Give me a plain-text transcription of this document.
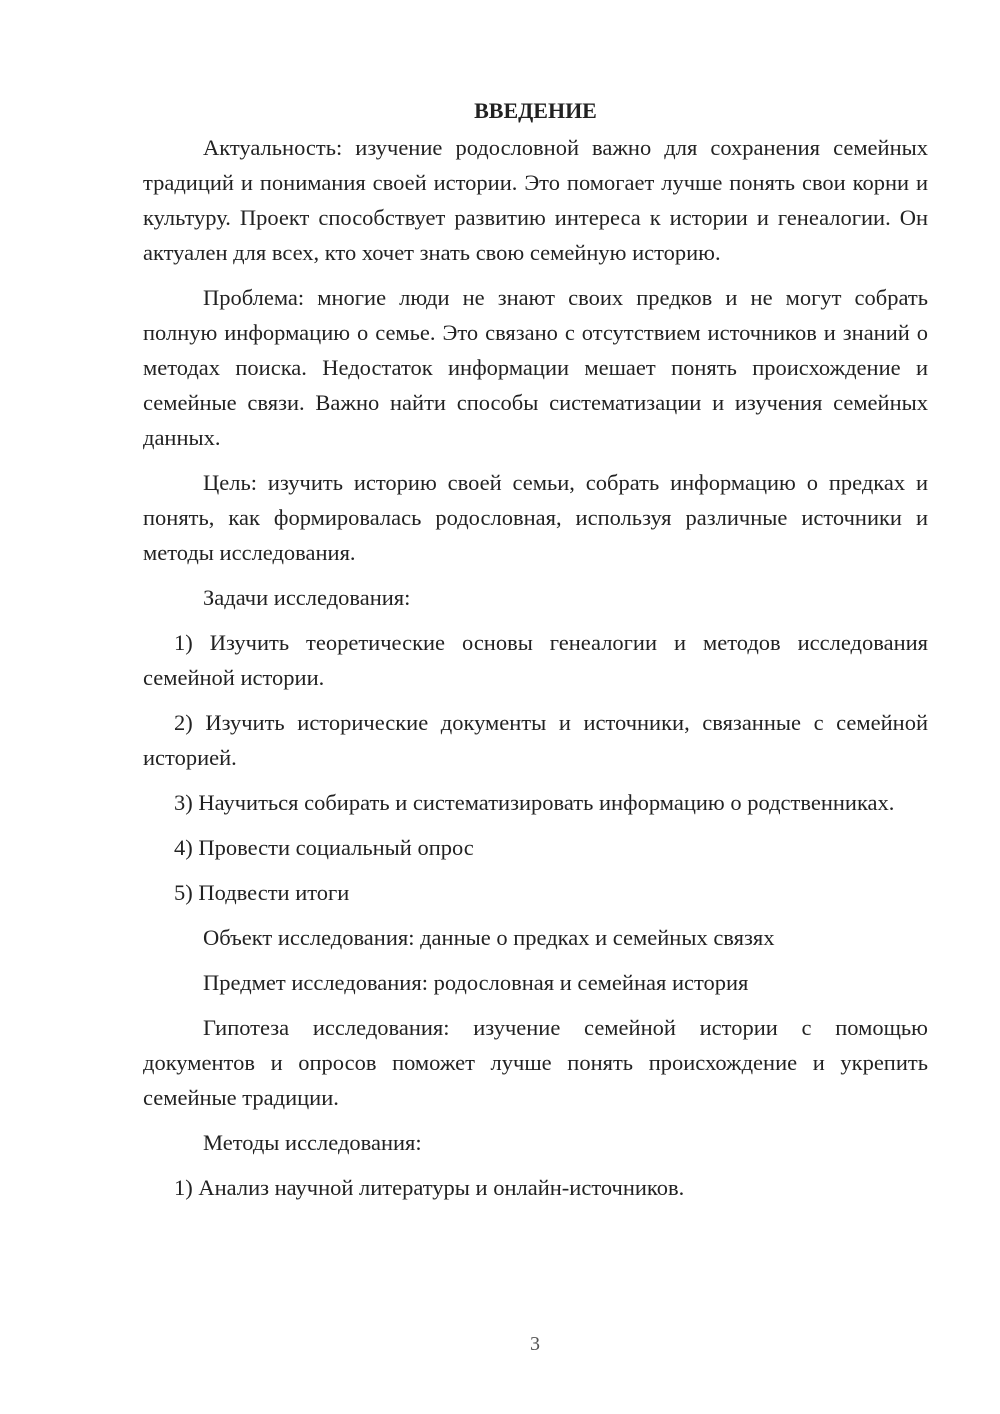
ВВЕДЕНИЕ

Актуальность: изучение родословной важно для сохранения семейных традиций и понимания своей истории. Это помогает лучше понять свои корни и культуру. Проект способствует развитию интереса к истории и генеалогии. Он актуален для всех, кто хочет знать свою семейную историю.

Проблема: многие люди не знают своих предков и не могут собрать полную информацию о семье. Это связано с отсутствием источников и знаний о методах поиска. Недостаток информации мешает понять происхождение и семейные связи. Важно найти способы систематизации и изучения семейных данных.

Цель: изучить историю своей семьи, собрать информацию о предках и понять, как формировалась родословная, используя различные источники и методы исследования.

Задачи исследования:

1) Изучить теоретические основы генеалогии и методов исследования семейной истории.

2) Изучить исторические документы и источники, связанные с семейной историей.

3) Научиться собирать и систематизировать информацию о родственниках.

4) Провести социальный опрос

5) Подвести итоги

Объект исследования: данные о предках и семейных связях

Предмет исследования: родословная и семейная история

Гипотеза исследования: изучение семейной истории с помощью документов и опросов поможет лучше понять происхождение и укрепить семейные традиции.

Методы исследования:

1) Анализ научной литературы и онлайн-источников.

3
